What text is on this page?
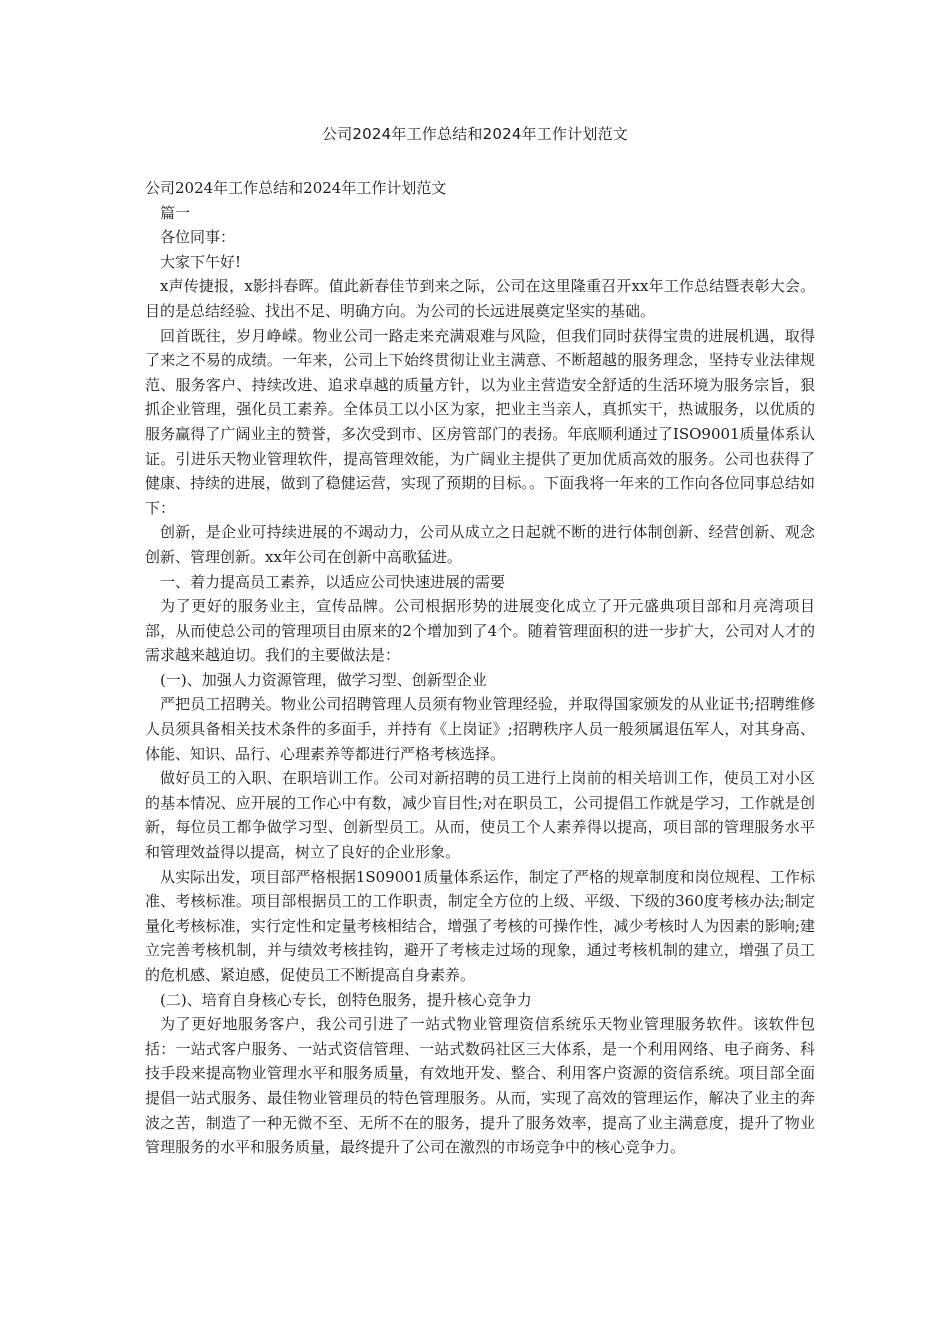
公司2024年工作总结和2024年工作计划范文

公司2024年工作总结和2024年工作计划范文

篇一

各位同事：

大家下午好!

x声传捷报，x影抖春晖。值此新春佳节到来之际，公司在这里隆重召开xx年工作总结暨表彰大会。目的是总结经验、找出不足、明确方向。为公司的长远进展奠定坚实的基础。

回首既往，岁月峥嵘。物业公司一路走来充满艰难与风险，但我们同时获得宝贵的进展机遇，取得了来之不易的成绩。一年来，公司上下始终贯彻让业主满意、不断超越的服务理念，坚持专业法律规范、服务客户、持续改进、追求卓越的质量方针，以为业主营造安全舒适的生活环境为服务宗旨，狠抓企业管理，强化员工素养。全体员工以小区为家，把业主当亲人，真抓实干，热诚服务，以优质的服务赢得了广阔业主的赞誉，多次受到市、区房管部门的表扬。年底顺利通过了ISO9001质量体系认证。引进乐天物业管理软件，提高管理效能，为广阔业主提供了更加优质高效的服务。公司也获得了健康、持续的进展，做到了稳健运营，实现了预期的目标。。下面我将一年来的工作向各位同事总结如下：

创新，是企业可持续进展的不竭动力，公司从成立之日起就不断的进行体制创新、经营创新、观念创新、管理创新。xx年公司在创新中高歌猛进。

一、着力提高员工素养，以适应公司快速进展的需要

为了更好的服务业主，宣传品牌。公司根据形势的进展变化成立了开元盛典项目部和月亮湾项目部，从而使总公司的管理项目由原来的2个增加到了4个。随着管理面积的进一步扩大，公司对人才的需求越来越迫切。我们的主要做法是：

(一)、加强人力资源管理，做学习型、创新型企业

严把员工招聘关。物业公司招聘管理人员须有物业管理经验，并取得国家颁发的从业证书;招聘维修人员须具备相关技术条件的多面手，并持有《上岗证》;招聘秩序人员一般须属退伍军人，对其身高、体能、知识、品行、心理素养等都进行严格考核选择。

做好员工的入职、在职培训工作。公司对新招聘的员工进行上岗前的相关培训工作，使员工对小区的基本情况、应开展的工作心中有数，减少盲目性;对在职员工，公司提倡工作就是学习，工作就是创新，每位员工都争做学习型、创新型员工。从而，使员工个人素养得以提高，项目部的管理服务水平和管理效益得以提高，树立了良好的企业形象。

从实际出发，项目部严格根据1S09001质量体系运作，制定了严格的规章制度和岗位规程、工作标准、考核标准。项目部根据员工的工作职责，制定全方位的上级、平级、下级的360度考核办法;制定量化考核标准，实行定性和定量考核相结合，增强了考核的可操作性，减少考核时人为因素的影响;建立完善考核机制，并与绩效考核挂钩，避开了考核走过场的现象，通过考核机制的建立，增强了员工的危机感、紧迫感，促使员工不断提高自身素养。

(二)、培育自身核心专长，创特色服务，提升核心竞争力

为了更好地服务客户，我公司引进了一站式物业管理资信系统乐天物业管理服务软件。该软件包括：一站式客户服务、一站式资信管理、一站式数码社区三大体系，是一个利用网络、电子商务、科技手段来提高物业管理水平和服务质量，有效地开发、整合、利用客户资源的资信系统。项目部全面提倡一站式服务、最佳物业管理员的特色管理服务。从而，实现了高效的管理运作，解决了业主的奔波之苦，制造了一种无微不至、无所不在的服务，提升了服务效率，提高了业主满意度，提升了物业管理服务的水平和服务质量，最终提升了公司在激烈的市场竞争中的核心竞争力。
